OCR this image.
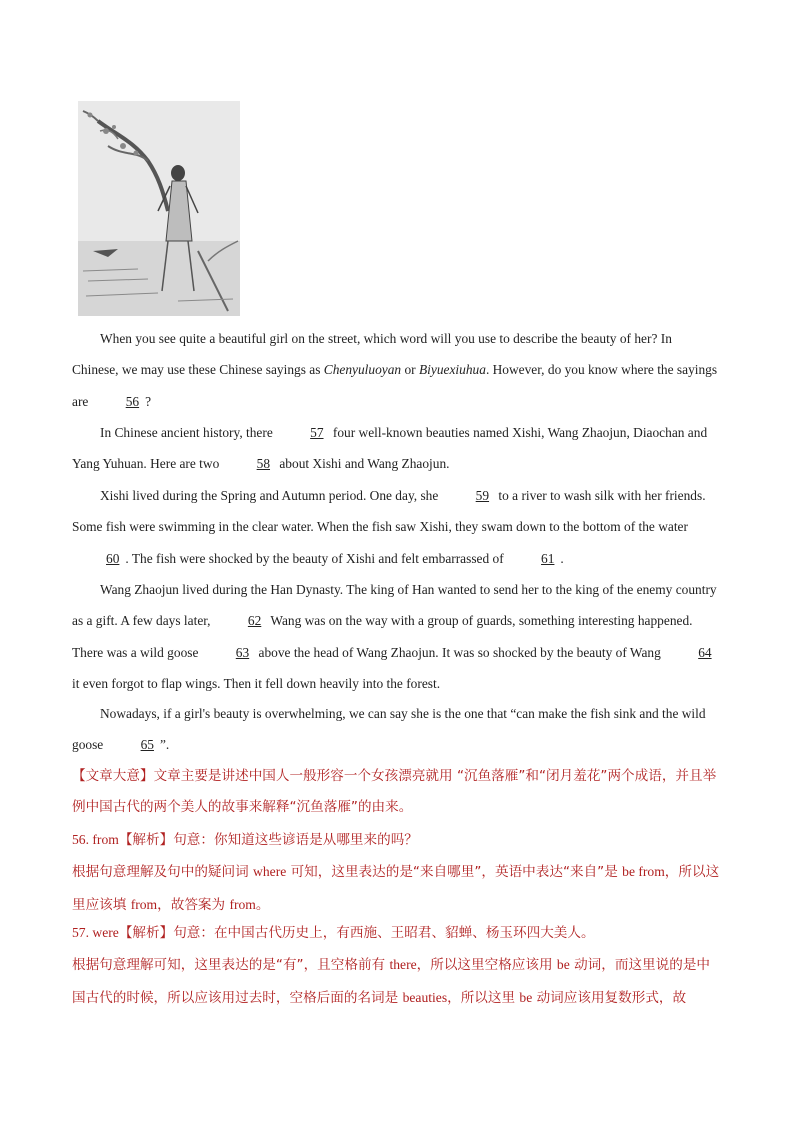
When you see quite a beautiful girl on the street, which word will you use to describe the beauty of her? In Chinese, we may use these Chinese sayings as Chenyuluoyan or Biyuexiuhua. However, do you know where the sayings are	56 ?

In Chinese ancient history, there	57 four well-known beauties named Xishi, Wang Zhaojun, Diaochan and Yang Yuhuan. Here are two	58 about Xishi and Wang Zhaojun.

Xishi lived during the Spring and Autumn period. One day, she	59 to a river to wash silk with her friends. Some fish were swimming in the clear water. When the fish saw Xishi, they swam down to the bottom of the water 60 . The fish were shocked by the beauty of Xishi and felt embarrassed of	61 .

Wang Zhaojun lived during the Han Dynasty. The king of Han wanted to send her to the king of the enemy country as a gift. A few days later,	62 Wang was on the way with a group of guards, something interesting happened. There was a wild goose	63 above the head of Wang Zhaojun. It was so shocked by the beauty of Wang	64 it even forgot to flap wings. Then it fell down heavily into the forest.

Nowadays, if a girl's beauty is overwhelming, we can say she is the one that “can make the fish sink and the wild goose	65 ”.

【文章大意】文章主要是讲述中国人一般形容一个女孩漂亮就用 “沉鱼落雁”和“闭月羞花”两个成语，并且举例中国古代的两个美人的故事来解释“沉鱼落雁”的由来。

56. from【解析】句意：你知道这些谚语是从哪里来的吗？
根据句意理解及句中的疑问词 where 可知，这里表达的是“来自哪里”，英语中表达“来自”是 be from，所以这里应该填 from，故答案为 from。

57. were【解析】句意：在中国古代历史上，有西施、王昭君、貂蝉、杨玉环四大美人。
根据句意理解可知，这里表达的是“有”，且空格前有 there，所以这里空格应该用 be 动词，而这里说的是中国古代的时候，所以应该用过去时，空格后面的名词是 beauties，所以这里 be 动词应该用复数形式，故
